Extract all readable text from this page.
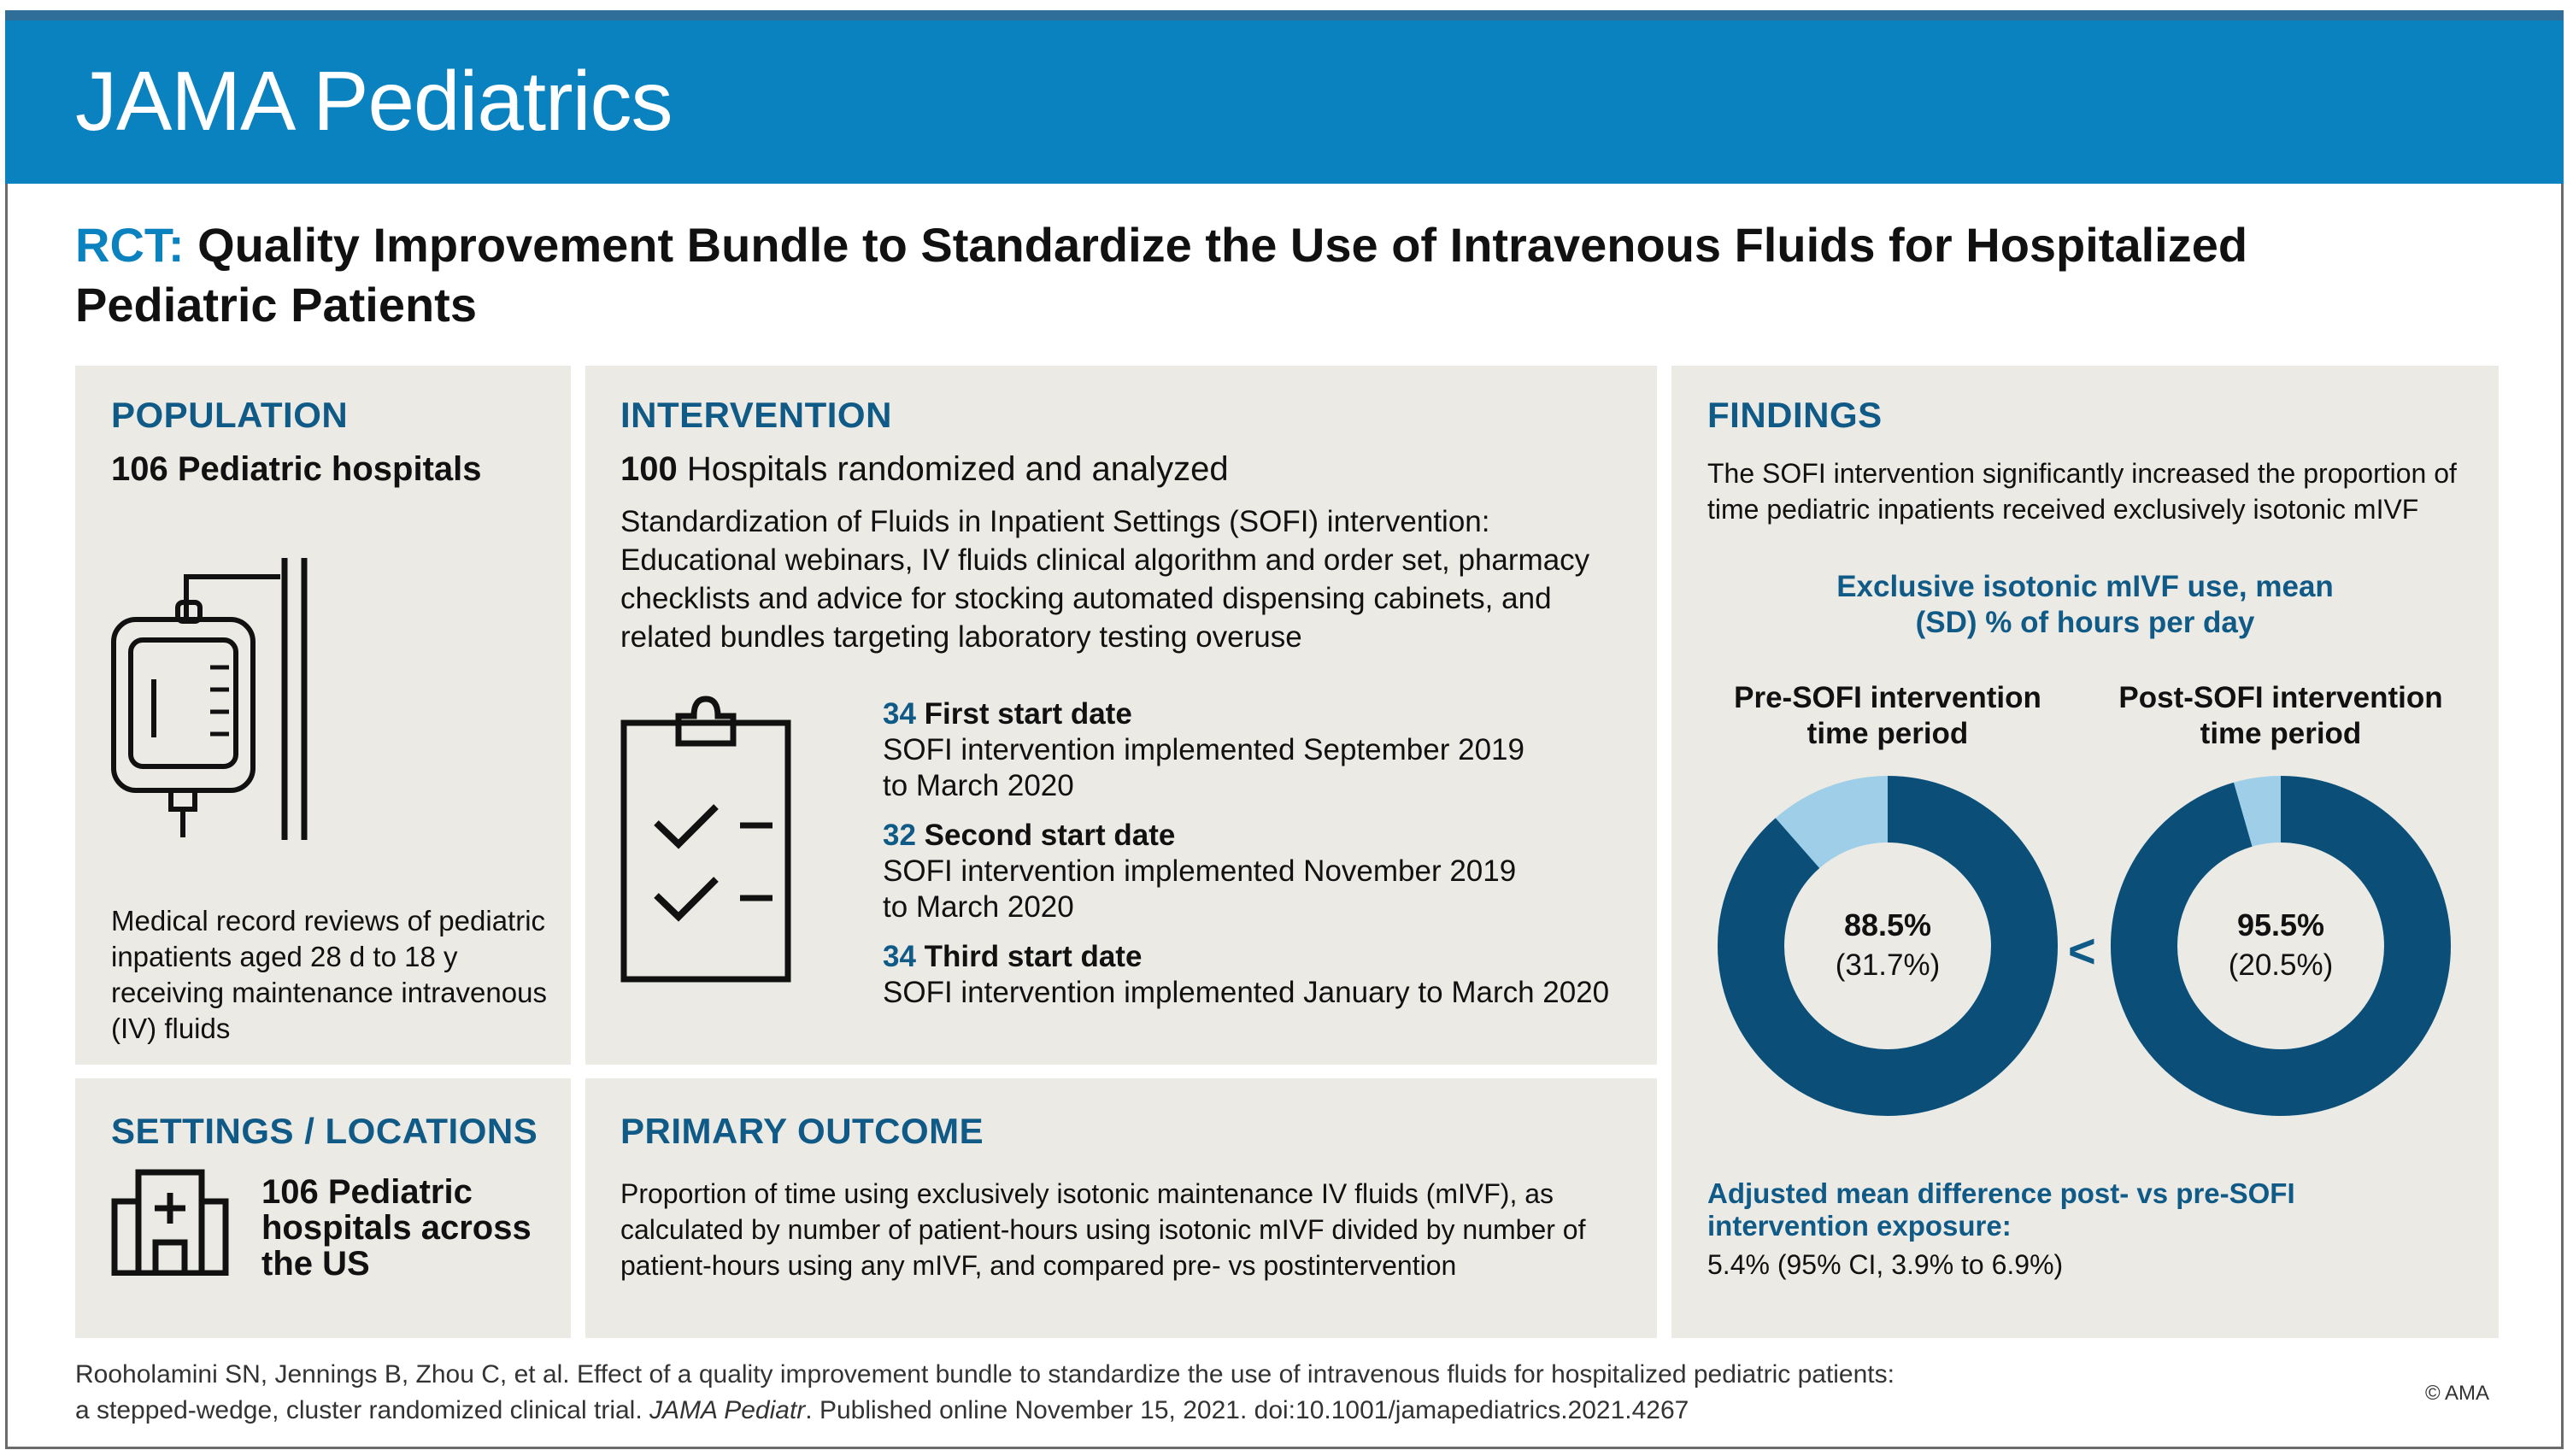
JAMA Pediatrics
RCT: Quality Improvement Bundle to Standardize the Use of Intravenous Fluids for Hospitalized Pediatric Patients
POPULATION
106 Pediatric hospitals
Medical record reviews of pediatric inpatients aged 28 d to 18 y receiving maintenance intravenous (IV) fluids
INTERVENTION
100 Hospitals randomized and analyzed
Standardization of Fluids in Inpatient Settings (SOFI) intervention: Educational webinars, IV fluids clinical algorithm and order set, pharmacy checklists and advice for stocking automated dispensing cabinets, and related bundles targeting laboratory testing overuse
34 First start date
SOFI intervention implemented September 2019
to March 2020
32 Second start date
SOFI intervention implemented November 2019
to March 2020
34 Third start date
SOFI intervention implemented January to March 2020
SETTINGS / LOCATIONS
106 Pediatric hospitals across the US
PRIMARY OUTCOME
Proportion of time using exclusively isotonic maintenance IV fluids (mIVF), as calculated by number of patient-hours using isotonic mIVF divided by number of patient-hours using any mIVF, and compared pre- vs postintervention
FINDINGS
The SOFI intervention significantly increased the proportion of time pediatric inpatients received exclusively isotonic mIVF
Exclusive isotonic mIVF use, mean (SD) % of hours per day
Pre-SOFI intervention time period
Post-SOFI intervention time period
88.5%
(31.7%)
95.5%
(20.5%)
<
Adjusted mean difference post- vs pre-SOFI intervention exposure:
5.4% (95% CI, 3.9% to 6.9%)
Rooholamini SN, Jennings B, Zhou C, et al. Effect of a quality improvement bundle to standardize the use of intravenous fluids for hospitalized pediatric patients:
a stepped-wedge, cluster randomized clinical trial. JAMA Pediatr. Published online November 15, 2021. doi:10.1001/jamapediatrics.2021.4267
© AMA
